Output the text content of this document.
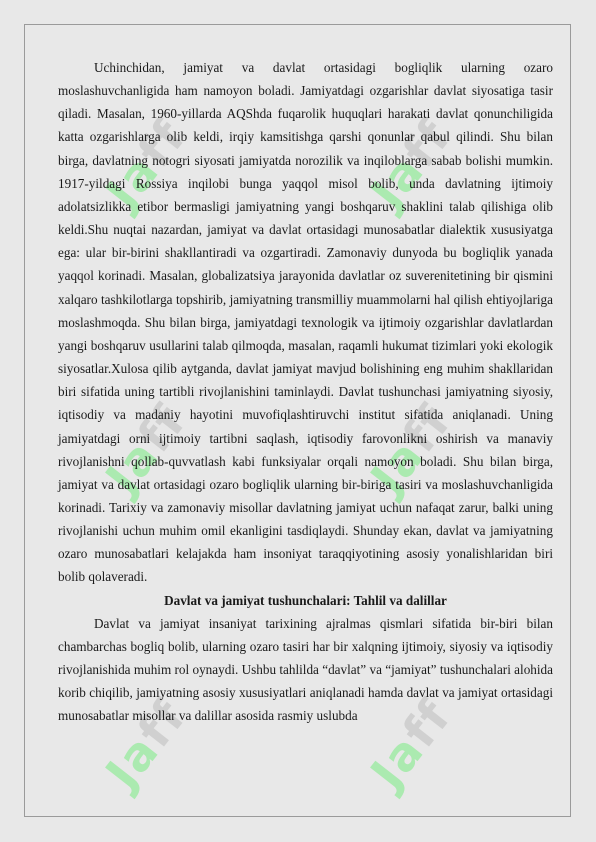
Jaff
Jaff
Jaff
Jaff
Jaff
Jaff

Uchinchidan, jamiyat va davlat ortasidagi bogliqlik ularning ozaro moslashuvchanligida ham namoyon boladi. Jamiyatdagi ozgarishlar davlat siyosatiga tasir qiladi. Masalan, 1960-yillarda AQShda fuqarolik huquqlari harakati davlat qonunchiligida katta ozgarishlarga olib keldi, irqiy kamsitishga qarshi qonunlar qabul qilindi. Shu bilan birga, davlatning notogri siyosati jamiyatda norozilik va inqiloblarga sabab bolishi mumkin. 1917-yildagi Rossiya inqilobi bunga yaqqol misol bolib, unda davlatning ijtimoiy adolatsizlikka etibor bermasligi jamiyatning yangi boshqaruv shaklini talab qilishiga olib keldi.Shu nuqtai nazardan, jamiyat va davlat ortasidagi munosabatlar dialektik xususiyatga ega: ular bir-birini shakllantiradi va ozgartiradi. Zamonaviy dunyoda bu bogliqlik yanada yaqqol korinadi. Masalan, globalizatsiya jarayonida davlatlar oz suverenitetining bir qismini xalqaro tashkilotlarga topshirib, jamiyatning transmilliy muammolarni hal qilish ehtiyojlariga moslashmoqda. Shu bilan birga, jamiyatdagi texnologik va ijtimoiy ozgarishlar davlatlardan yangi boshqaruv usullarini talab qilmoqda, masalan, raqamli hukumat tizimlari yoki ekologik siyosatlar.Xulosa qilib aytganda, davlat jamiyat mavjud bolishining eng muhim shakllaridan biri sifatida uning tartibli rivojlanishini taminlaydi. Davlat tushunchasi jamiyatning siyosiy, iqtisodiy va madaniy hayotini muvofiqlashtiruvchi institut sifatida aniqlanadi. Uning jamiyatdagi orni ijtimoiy tartibni saqlash, iqtisodiy farovonlikni oshirish va manaviy rivojlanishni qollab-quvvatlash kabi funksiyalar orqali namoyon boladi. Shu bilan birga, jamiyat va davlat ortasidagi ozaro bogliqlik ularning bir-biriga tasiri va moslashuvchanligida korinadi. Tarixiy va zamonaviy misollar davlatning jamiyat uchun nafaqat zarur, balki uning rivojlanishi uchun muhim omil ekanligini tasdiqlaydi. Shunday ekan, davlat va jamiyatning ozaro munosabatlari kelajakda ham insoniyat taraqqiyotining asosiy yonalishlaridan biri bolib qolaveradi.

Davlat va jamiyat tushunchalari: Tahlil va dalillar

Davlat va jamiyat insaniyat tarixining ajralmas qismlari sifatida bir-biri bilan chambarchas bogliq bolib, ularning ozaro tasiri har bir xalqning ijtimoiy, siyosiy va iqtisodiy rivojlanishida muhim rol oynaydi. Ushbu tahlilda “davlat” va “jamiyat” tushunchalari alohida korib chiqilib, jamiyatning asosiy xususiyatlari aniqlanadi hamda davlat va jamiyat ortasidagi munosabatlar misollar va dalillar asosida rasmiy uslubda
